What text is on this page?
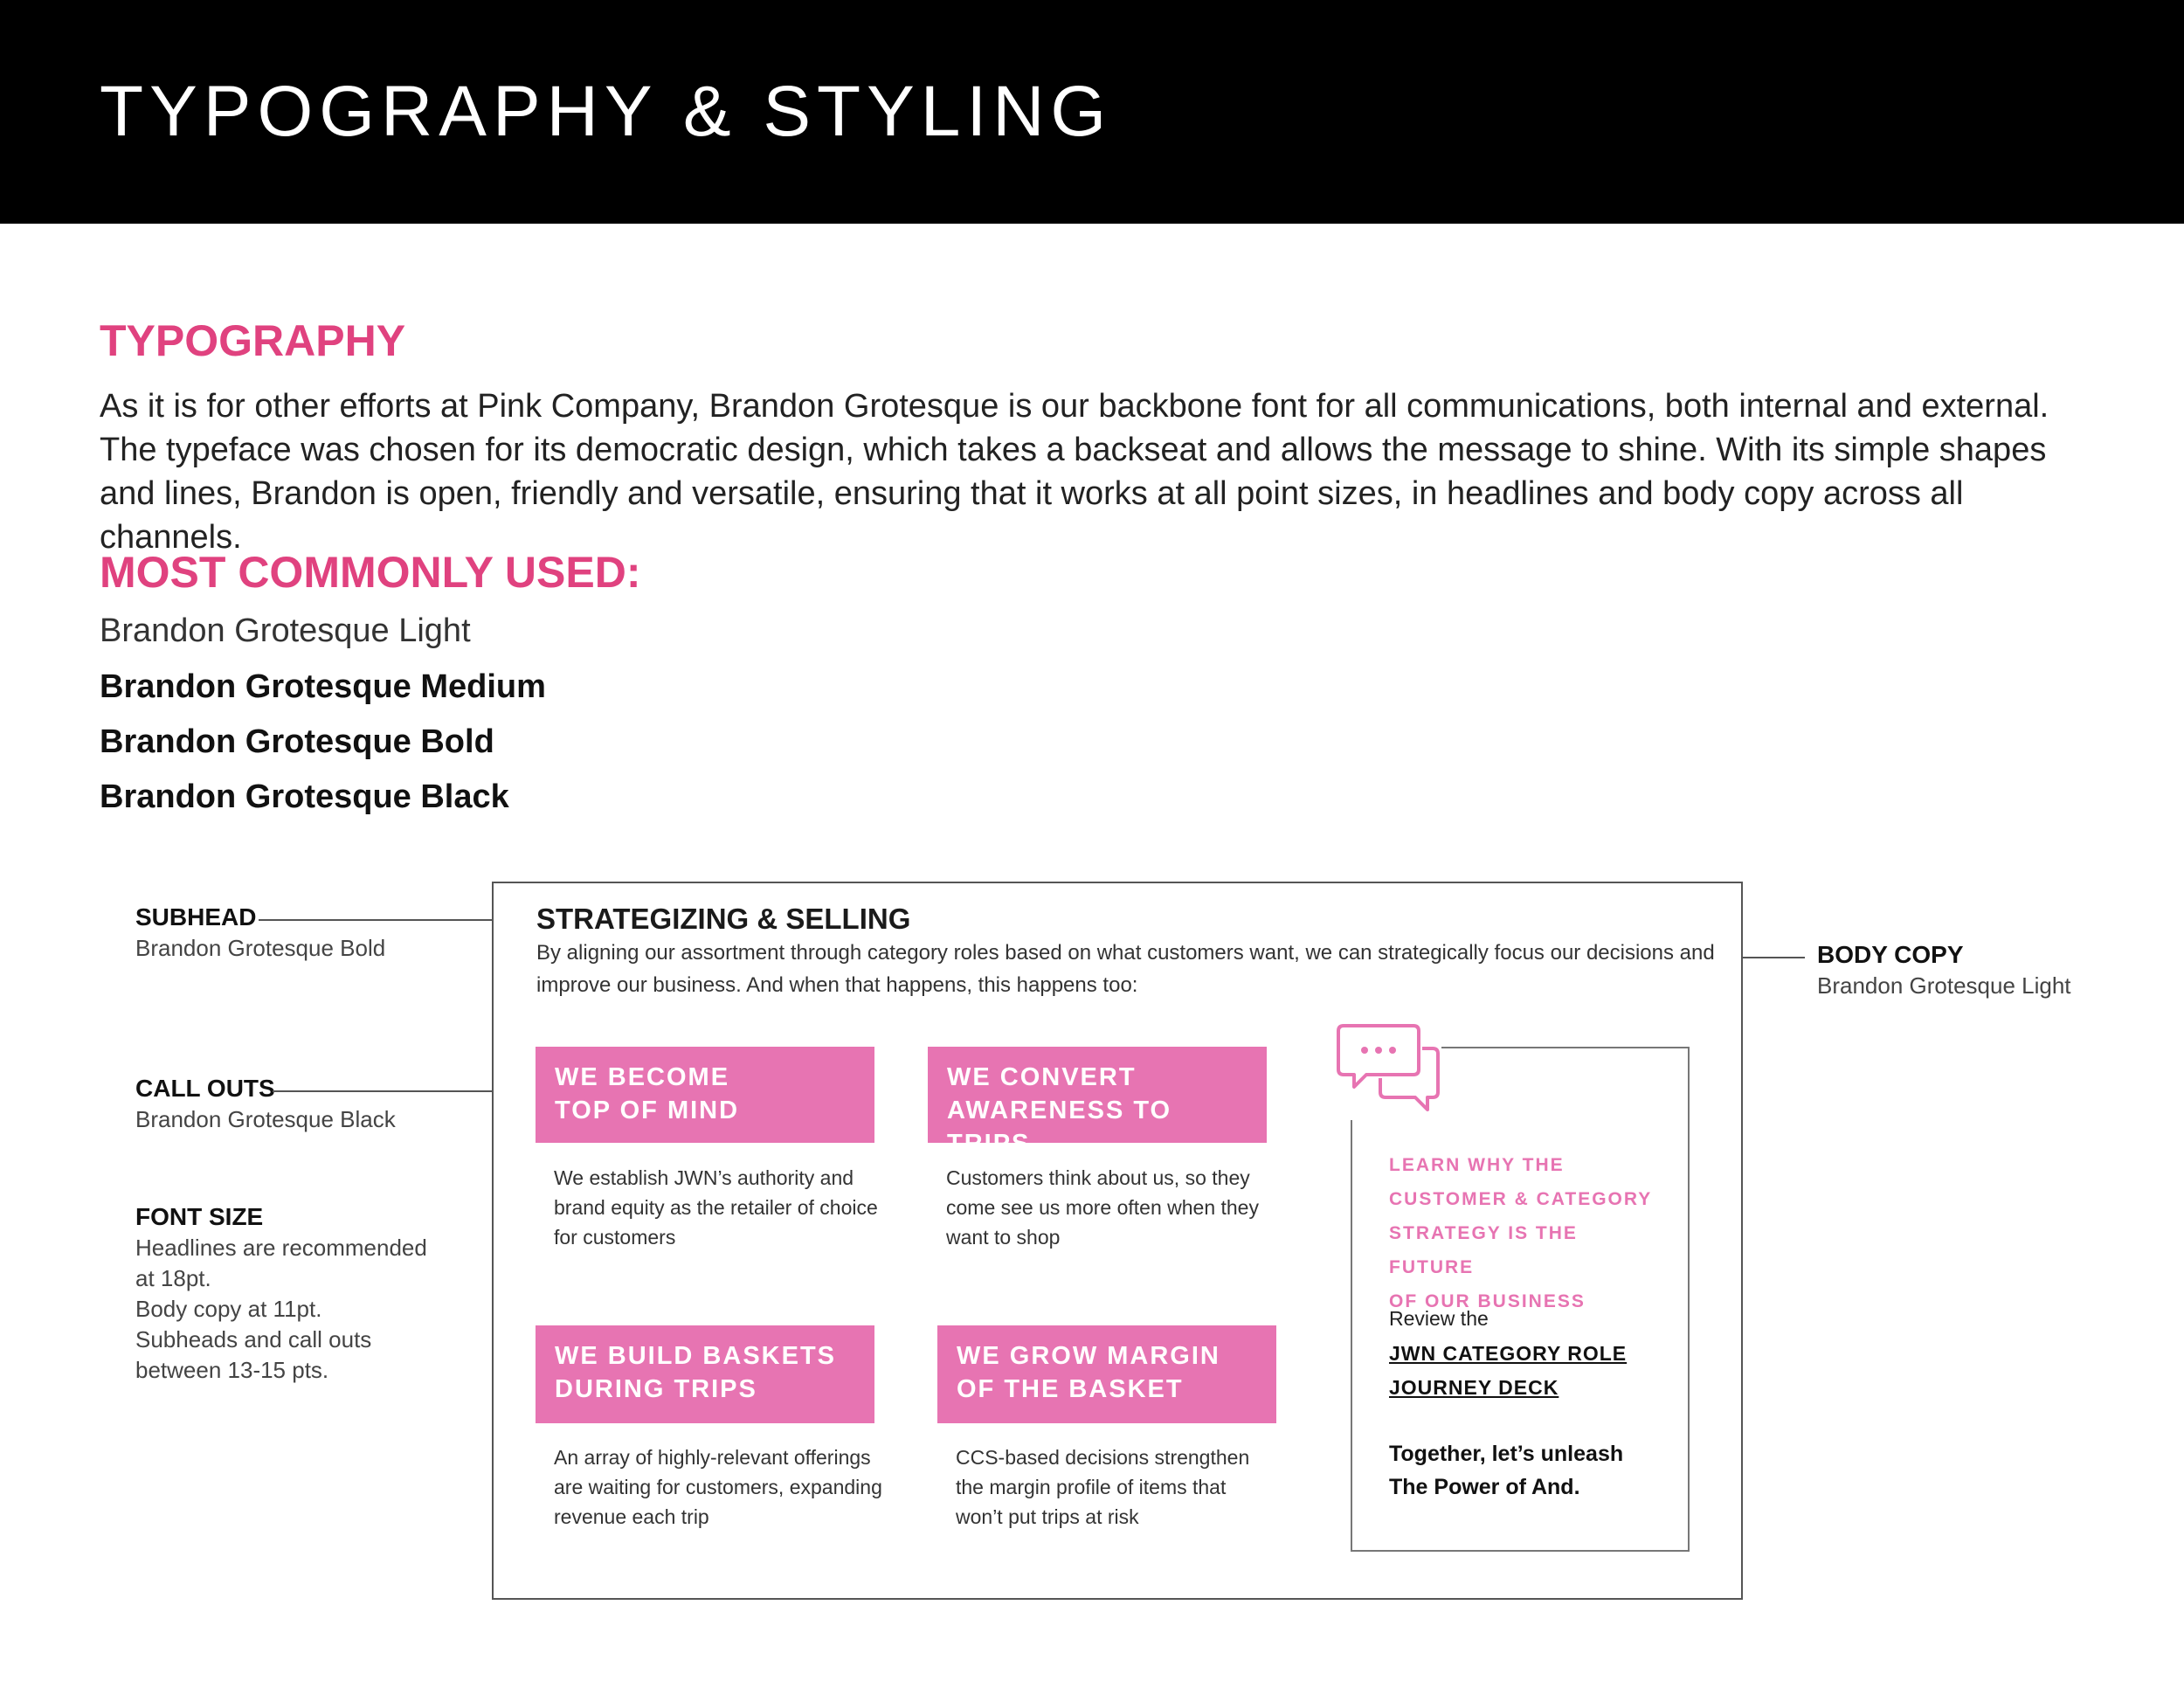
TYPOGRAPHY & STYLING
TYPOGRAPHY
As it is for other efforts at Pink Company, Brandon Grotesque is our backbone font for all communications, both internal and external. The typeface was chosen for its democratic design, which takes a backseat and allows the message to shine. With its simple shapes and lines, Brandon is open, friendly and versatile, ensuring that it works at all point sizes, in headlines and body copy across all channels.
MOST COMMONLY USED:
Brandon Grotesque Light
Brandon Grotesque Medium
Brandon Grotesque Bold
Brandon Grotesque Black
SUBHEAD
Brandon Grotesque Bold
CALL OUTS
Brandon Grotesque Black
FONT SIZE
Headlines are recommended
at 18pt.
Body copy at 11pt.
Subheads and call outs
between 13-15 pts.
BODY COPY
Brandon Grotesque Light
STRATEGIZING & SELLING
By aligning our assortment through category roles based on what customers want, we can strategically focus our decisions and improve our business. And when that happens, this happens too:
WE BECOME
TOP OF MIND
We establish JWN’s authority and
brand equity as the retailer of choice
for customers
WE CONVERT
AWARENESS TO TRIPS
Customers think about us, so they
come see us more often when they
want to shop
WE BUILD BASKETS
DURING TRIPS
An array of highly-relevant offerings
are waiting for customers, expanding
revenue each trip
WE GROW MARGIN
OF THE BASKET
CCS-based decisions strengthen
the margin profile of items that
won’t put trips at risk
LEARN WHY THE
CUSTOMER & CATEGORY
STRATEGY IS THE FUTURE
OF OUR BUSINESS
Review the
JWN CATEGORY ROLE
JOURNEY DECK
Together, let’s unleash
The Power of And.
